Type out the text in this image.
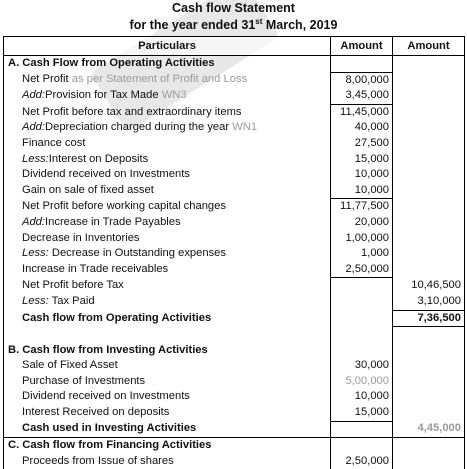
Cash flow Statement
for the year ended 31st March, 2019
Particulars	Amount	Amount
A. Cash Flow from Operating Activities		
Net Profit as per Statement of Profit and Loss	8,00,000	
Add:Provision for Tax Made WN3	3,45,000	
Net Profit before tax and extraordinary items	11,45,000	
Add:Depreciation charged during the year WN1	40,000	
Finance cost	27,500	
Less:Interest on Deposits	15,000	
Dividend received on Investments	10,000	
Gain on sale of fixed asset	10,000	
Net Profit before working capital changes	11,77,500	
Add:Increase in Trade Payables	20,000	
Decrease in Inventories	1,00,000	
Less: Decrease in Outstanding expenses	1,000	
Increase in Trade receivables	2,50,000	
Net Profit before Tax		10,46,500
Less: Tax Paid		3,10,000
Cash flow from Operating Activities		7,36,500

B. Cash flow from Investing Activities		
Sale of Fixed Asset	30,000	
Purchase of Investments	5,00,000	
Dividend received on Investments	10,000	
Interest Received on deposits	15,000	
Cash used in Investing Activities		4,45,000
C. Cash flow from Financing Activities		
Proceeds from Issue of shares	2,50,000	
